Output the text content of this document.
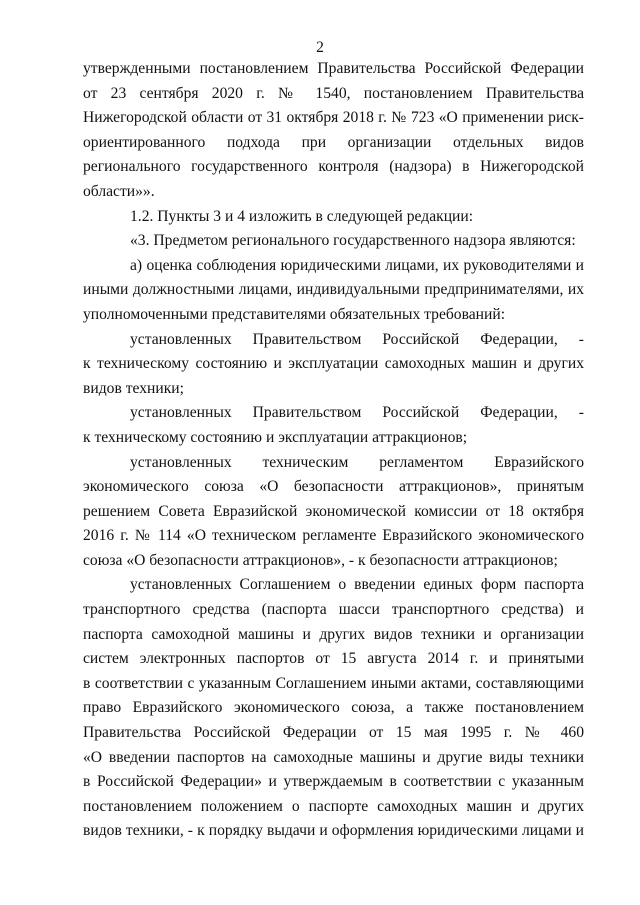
2
утвержденными постановлением Правительства Российской Федерации
от 23 сентября 2020 г. № 1540, постановлением Правительства
Нижегородской области от 31 октября 2018 г. № 723 «О применении риск-
ориентированного подхода при организации отдельных видов
регионального государственного контроля (надзора) в Нижегородской
области»».
1.2. Пункты 3 и 4 изложить в следующей редакции:
«3. Предметом регионального государственного надзора являются:
а) оценка соблюдения юридическими лицами, их руководителями и
иными должностными лицами, индивидуальными предпринимателями, их
уполномоченными представителями обязательных требований:
установленных Правительством Российской Федерации, -
к техническому состоянию и эксплуатации самоходных машин и других
видов техники;
установленных Правительством Российской Федерации, -
к техническому состоянию и эксплуатации аттракционов;
установленных техническим регламентом Евразийского
экономического союза «О безопасности аттракционов», принятым
решением Совета Евразийской экономической комиссии от 18 октября
2016 г. № 114 «О техническом регламенте Евразийского экономического
союза «О безопасности аттракционов», - к безопасности аттракционов;
установленных Соглашением о введении единых форм паспорта
транспортного средства (паспорта шасси транспортного средства) и
паспорта самоходной машины и других видов техники и организации
систем электронных паспортов от 15 августа 2014 г. и принятыми
в соответствии с указанным Соглашением иными актами, составляющими
право Евразийского экономического союза, а также постановлением
Правительства Российской Федерации от 15 мая 1995 г. № 460
«О введении паспортов на самоходные машины и другие виды техники
в Российской Федерации» и утверждаемым в соответствии с указанным
постановлением положением о паспорте самоходных машин и других
видов техники, - к порядку выдачи и оформления юридическими лицами и
